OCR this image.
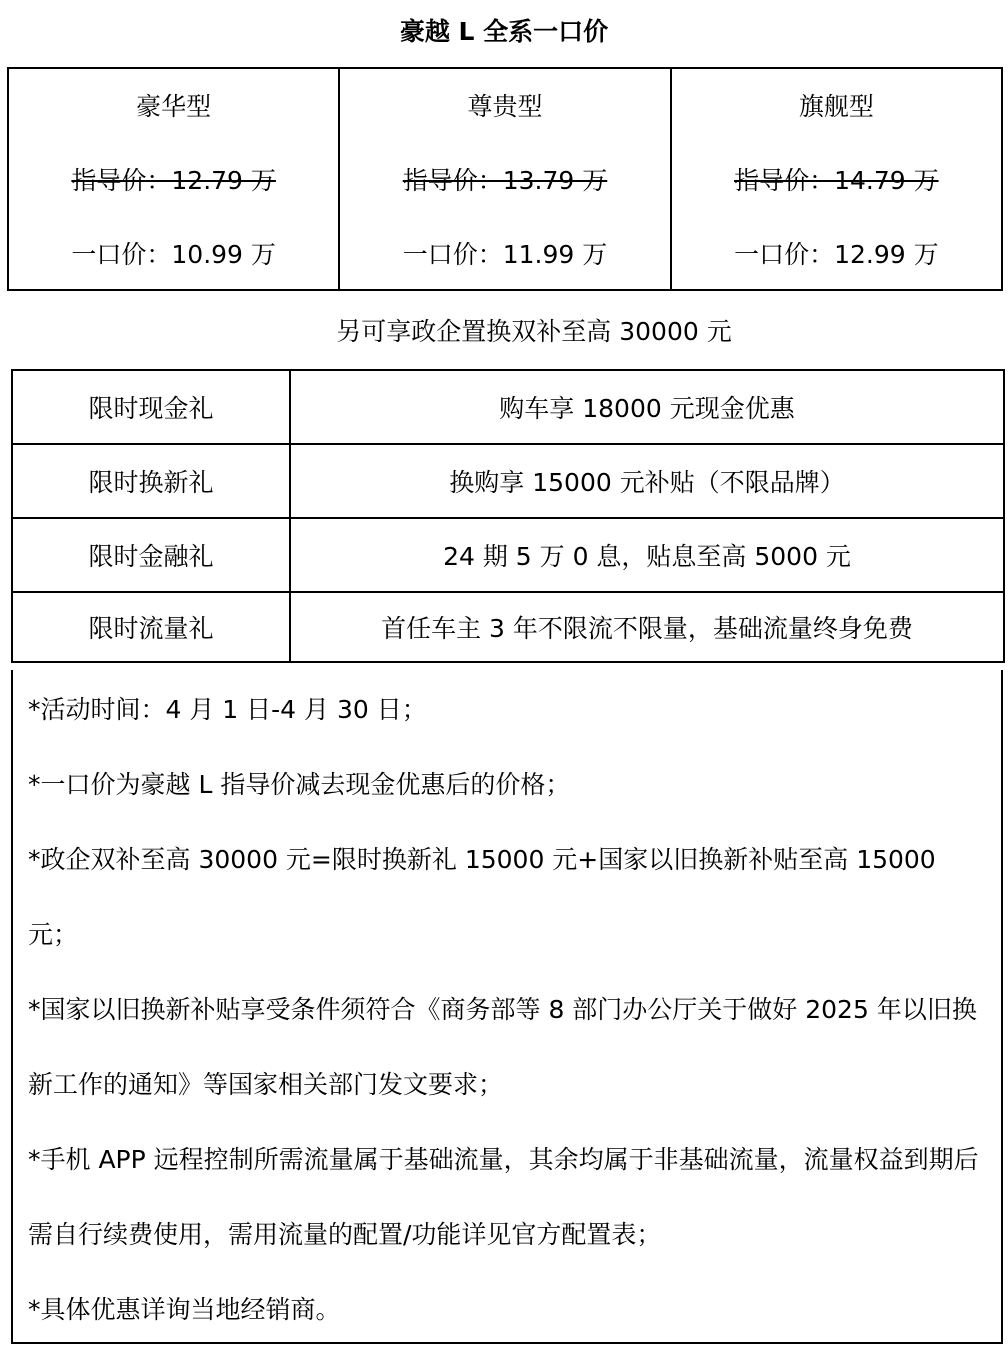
豪越 L 全系一口价
豪华型
指导价：12.79 万
一口价：10.99 万

尊贵型
指导价：13.79 万
一口价：11.99 万

旗舰型
指导价：14.79 万
一口价：12.99 万
另可享政企置换双补至高 30000 元
限时现金礼	购车享 18000 元现金优惠
限时换新礼	换购享 15000 元补贴（不限品牌）
限时金融礼	24 期 5 万 0 息，贴息至高 5000 元
限时流量礼	首任车主 3 年不限流不限量，基础流量终身免费

*活动时间：4 月 1 日-4 月 30 日；

*一口价为豪越 L 指导价减去现金优惠后的价格；

*政企双补至高 30000 元=限时换新礼 15000 元+国家以旧换新补贴至高 15000 元；

*国家以旧换新补贴享受条件须符合《商务部等 8 部门办公厅关于做好 2025 年以旧换新工作的通知》等国家相关部门发文要求；

*手机 APP 远程控制所需流量属于基础流量，其余均属于非基础流量，流量权益到期后需自行续费使用，需用流量的配置/功能详见官方配置表；

*具体优惠详询当地经销商。
